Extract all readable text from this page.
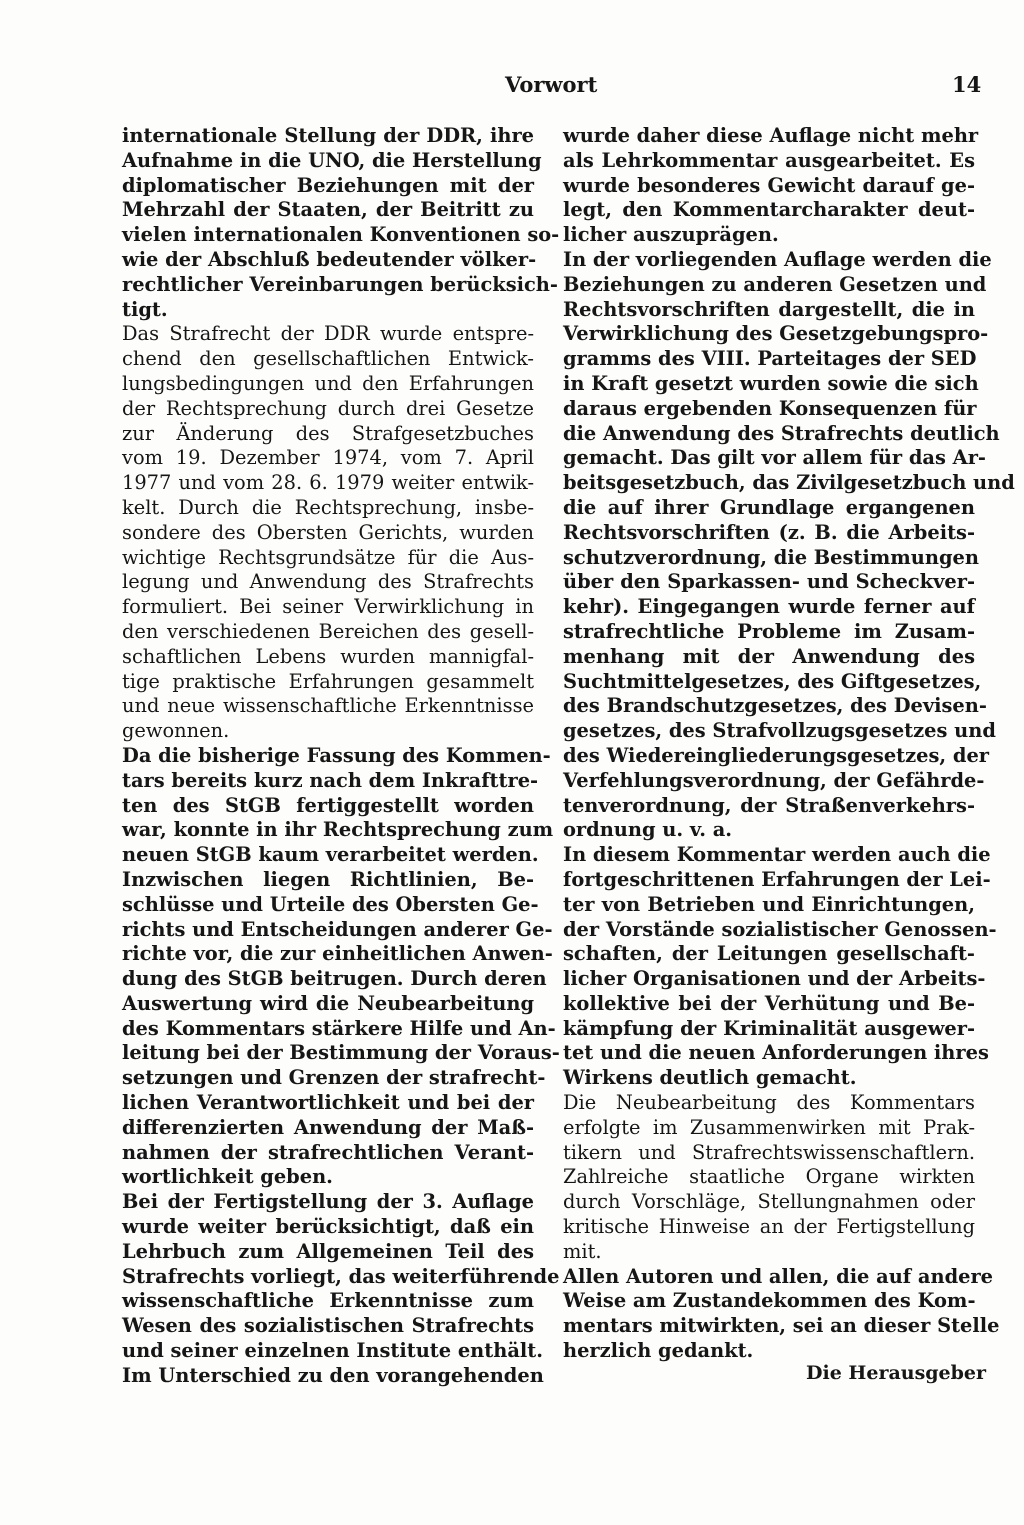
Vorwort	14
internationale Stellung der DDR, ihre
Aufnahme in die UNO, die Herstellung
diplomatischer Beziehungen mit der
Mehrzahl der Staaten, der Beitritt zu
vielen internationalen Konventionen so-
wie der Abschluß bedeutender völker-
rechtlicher Vereinbarungen berücksich-
tigt.
Das Strafrecht der DDR wurde entspre-
chend den gesellschaftlichen Entwick-
lungsbedingungen und den Erfahrungen
der Rechtsprechung durch drei Gesetze
zur Änderung des Strafgesetzbuches
vom 19. Dezember 1974, vom 7. April
1977 und vom 28. 6. 1979 weiter entwik-
kelt. Durch die Rechtsprechung, insbe-
sondere des Obersten Gerichts, wurden
wichtige Rechtsgrundsätze für die Aus-
legung und Anwendung des Strafrechts
formuliert. Bei seiner Verwirklichung in
den verschiedenen Bereichen des gesell-
schaftlichen Lebens wurden mannigfal-
tige praktische Erfahrungen gesammelt
und neue wissenschaftliche Erkenntnisse
gewonnen.
Da die bisherige Fassung des Kommen-
tars bereits kurz nach dem Inkrafttre-
ten des StGB fertiggestellt worden
war, konnte in ihr Rechtsprechung zum
neuen StGB kaum verarbeitet werden.
Inzwischen liegen Richtlinien, Be-
schlüsse und Urteile des Obersten Ge-
richts und Entscheidungen anderer Ge-
richte vor, die zur einheitlichen Anwen-
dung des StGB beitrugen. Durch deren
Auswertung wird die Neubearbeitung
des Kommentars stärkere Hilfe und An-
leitung bei der Bestimmung der Voraus-
setzungen und Grenzen der strafrecht-
lichen Verantwortlichkeit und bei der
differenzierten Anwendung der Maß-
nahmen der strafrechtlichen Verant-
wortlichkeit geben.
Bei der Fertigstellung der 3. Auflage
wurde weiter berücksichtigt, daß ein
Lehrbuch zum Allgemeinen Teil des
Strafrechts vorliegt, das weiterführende
wissenschaftliche Erkenntnisse zum
Wesen des sozialistischen Strafrechts
und seiner einzelnen Institute enthält.
Im Unterschied zu den vorangehenden
wurde daher diese Auflage nicht mehr
als Lehrkommentar ausgearbeitet. Es
wurde besonderes Gewicht darauf ge-
legt, den Kommentarcharakter deut-
licher auszuprägen.
In der vorliegenden Auflage werden die
Beziehungen zu anderen Gesetzen und
Rechtsvorschriften dargestellt, die in
Verwirklichung des Gesetzgebungspro-
gramms des VIII. Parteitages der SED
in Kraft gesetzt wurden sowie die sich
daraus ergebenden Konsequenzen für
die Anwendung des Strafrechts deutlich
gemacht. Das gilt vor allem für das Ar-
beitsgesetzbuch, das Zivilgesetzbuch und
die auf ihrer Grundlage ergangenen
Rechtsvorschriften (z. B. die Arbeits-
schutzverordnung, die Bestimmungen
über den Sparkassen- und Scheckver-
kehr). Eingegangen wurde ferner auf
strafrechtliche Probleme im Zusam-
menhang mit der Anwendung des
Suchtmittelgesetzes, des Giftgesetzes,
des Brandschutzgesetzes, des Devisen-
gesetzes, des Strafvollzugsgesetzes und
des Wiedereingliederungsgesetzes, der
Verfehlungsverordnung, der Gefährde-
tenverordnung, der Straßenverkehrs-
ordnung u. v. a.
In diesem Kommentar werden auch die
fortgeschrittenen Erfahrungen der Lei-
ter von Betrieben und Einrichtungen,
der Vorstände sozialistischer Genossen-
schaften, der Leitungen gesellschaft-
licher Organisationen und der Arbeits-
kollektive bei der Verhütung und Be-
kämpfung der Kriminalität ausgewer-
tet und die neuen Anforderungen ihres
Wirkens deutlich gemacht.
Die Neubearbeitung des Kommentars
erfolgte im Zusammenwirken mit Prak-
tikern und Strafrechtswissenschaftlern.
Zahlreiche staatliche Organe wirkten
durch Vorschläge, Stellungnahmen oder
kritische Hinweise an der Fertigstellung
mit.
Allen Autoren und allen, die auf andere
Weise am Zustandekommen des Kom-
mentars mitwirkten, sei an dieser Stelle
herzlich gedankt.
Die Herausgeber
